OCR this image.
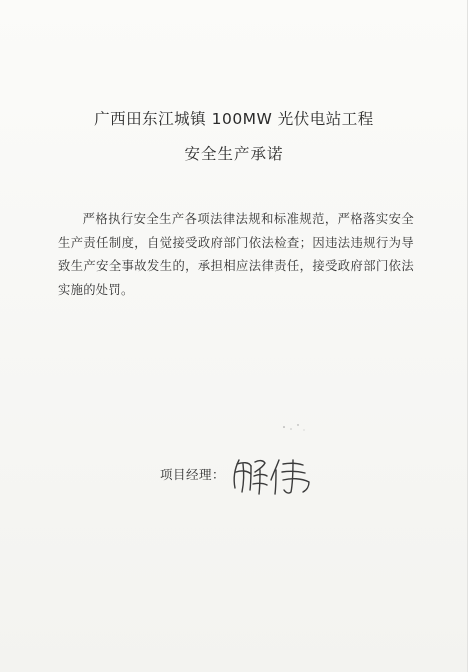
广西田东江城镇 100MW 光伏电站工程
安全生产承诺
严格执行安全生产各项法律法规和标准规范，严格落实安全生产责任制度，自觉接受政府部门依法检查；因违法违规行为导致生产安全事故发生的，承担相应法律责任，接受政府部门依法实施的处罚。
项目经理：
